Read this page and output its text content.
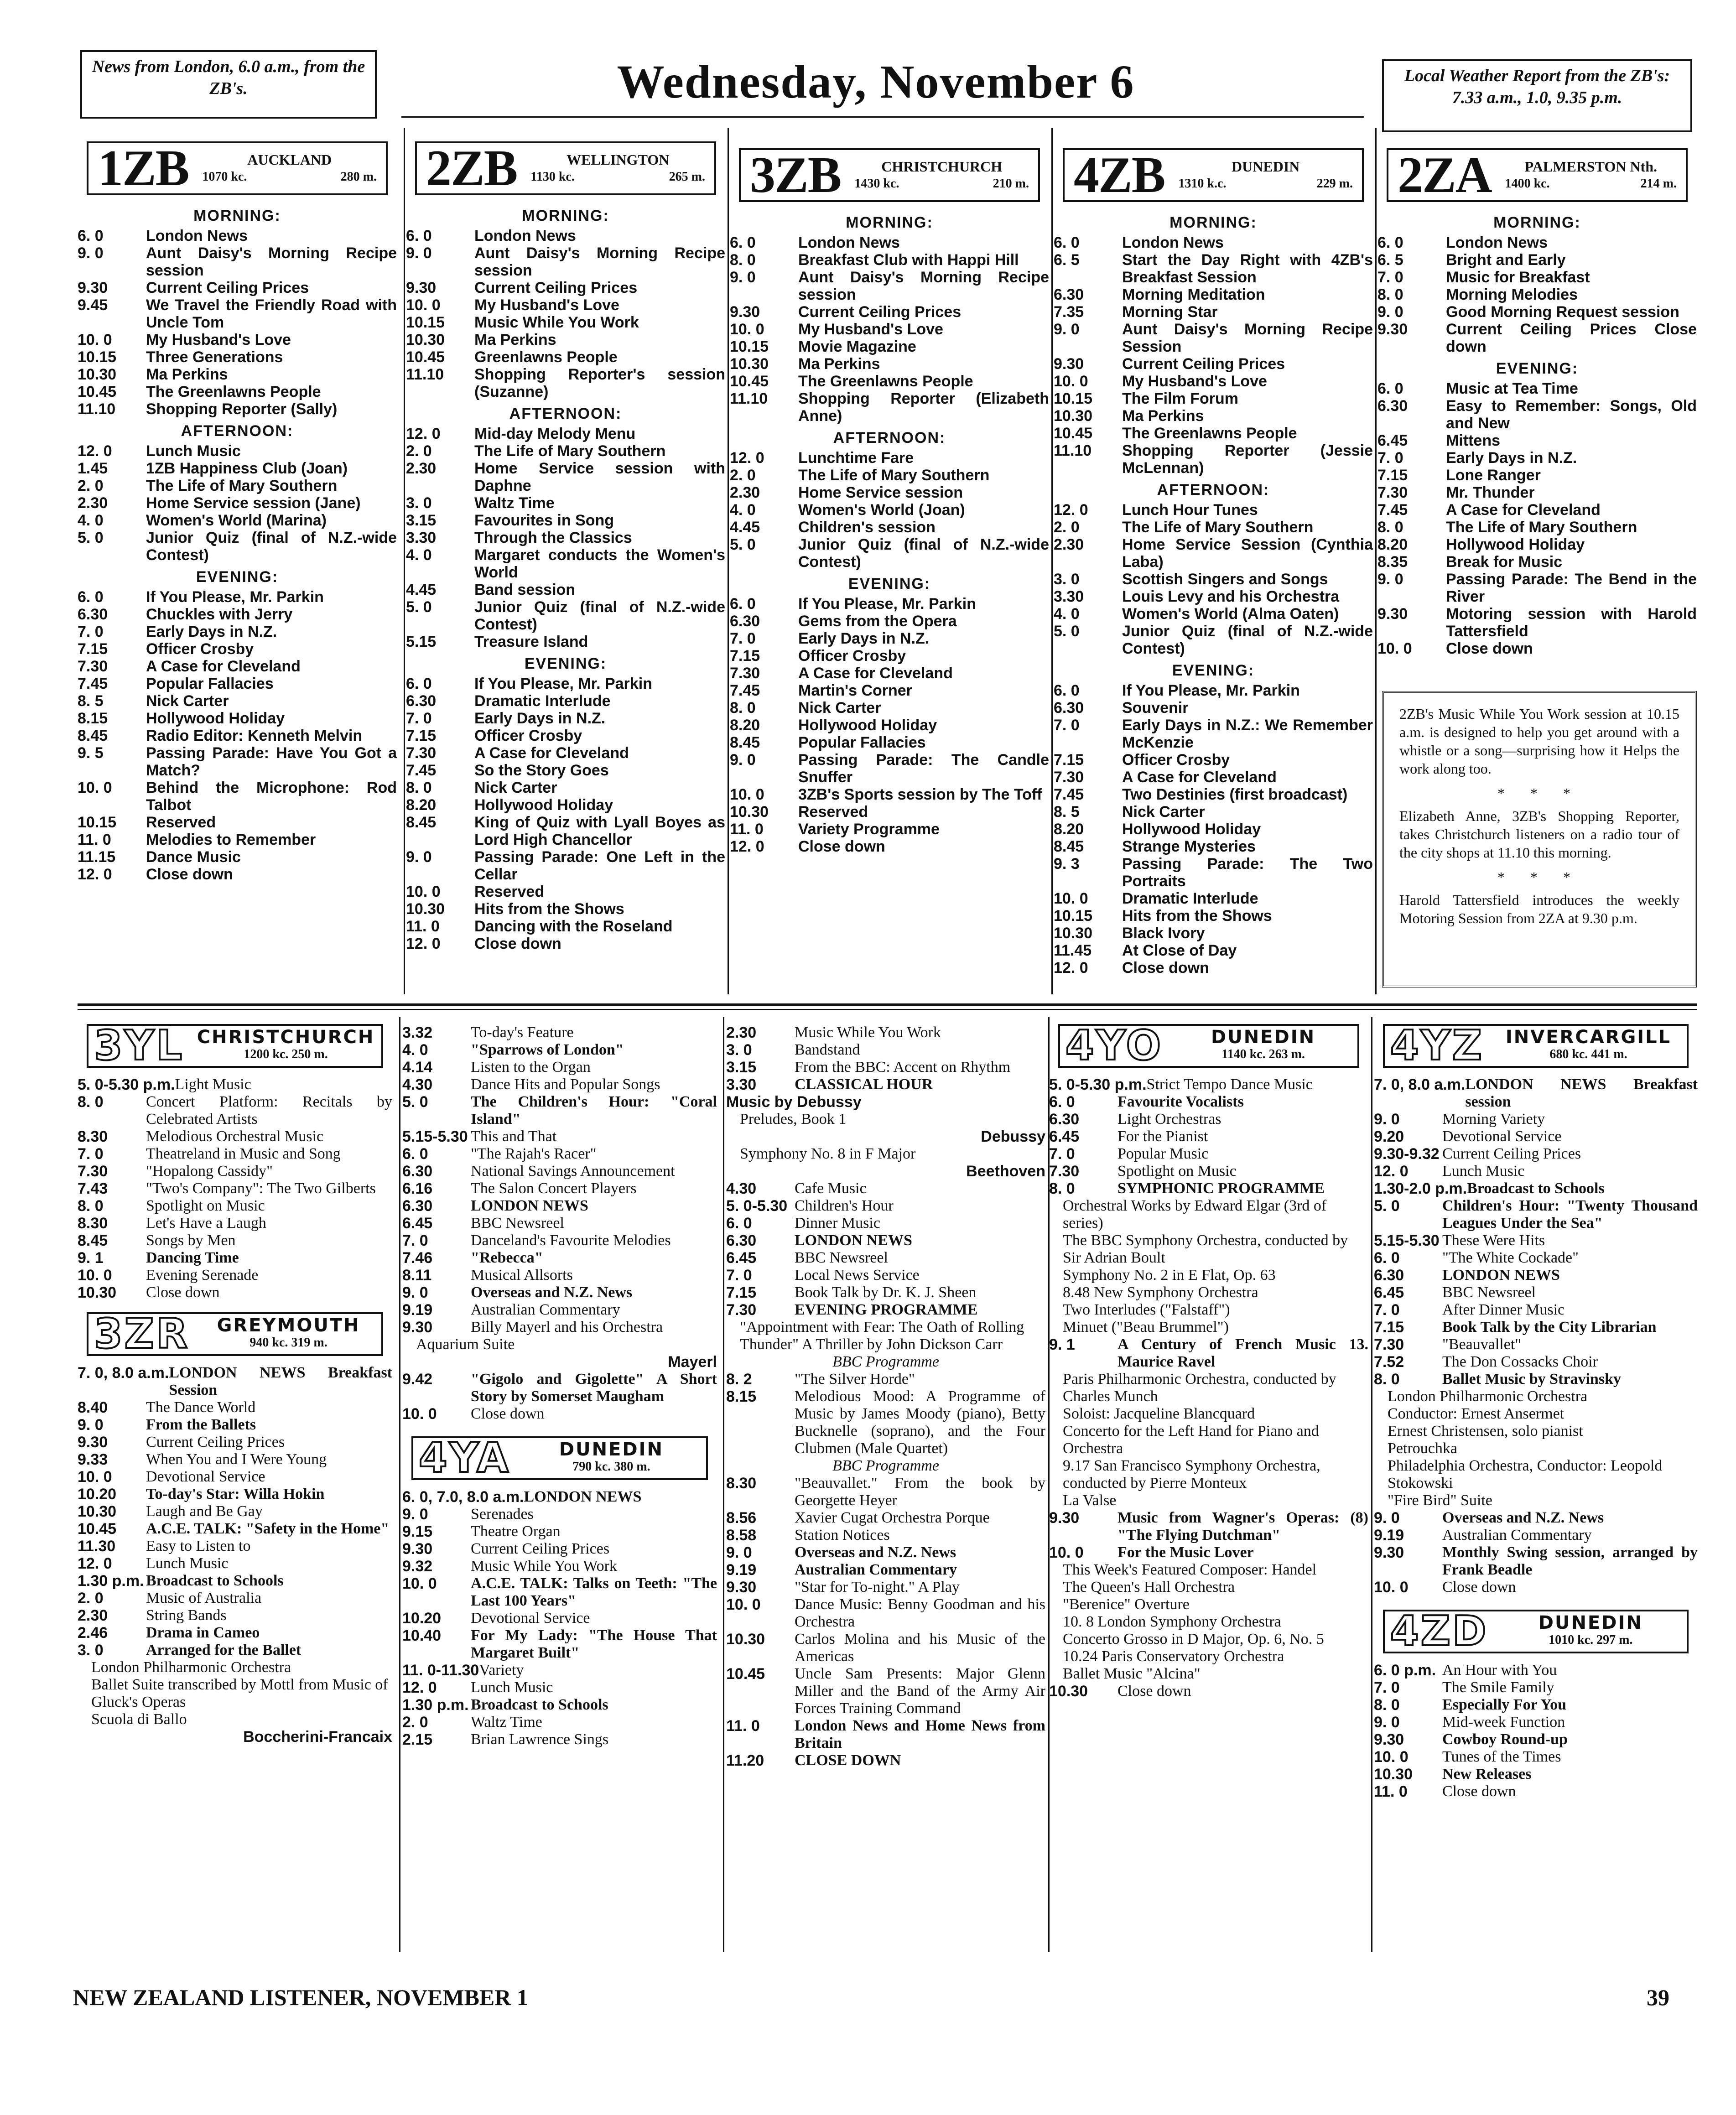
News from London, 6.0 a.m., from the ZB's.	Wednesday, November 6	Local Weather Report from the ZB's: 7.33 a.m., 1.0, 9.35 p.m.
1ZB	AUCKLAND
1070 kc.	280 m.
MORNING:
6. 0	London News
9. 0	Aunt Daisy's Morning Recipe session
9.30	Current Ceiling Prices
9.45	We Travel the Friendly Road with Uncle Tom
10. 0	My Husband's Love
10.15	Three Generations
10.30	Ma Perkins
10.45	The Greenlawns People
11.10	Shopping Reporter (Sally)
AFTERNOON:
12. 0	Lunch Music
1.45	1ZB Happiness Club (Joan)
2. 0	The Life of Mary Southern
2.30	Home Service session (Jane)
4. 0	Women's World (Marina)
5. 0	Junior Quiz (final of N.Z.-wide Contest)
EVENING:
6. 0	If You Please, Mr. Parkin
6.30	Chuckles with Jerry
7. 0	Early Days in N.Z.
7.15	Officer Crosby
7.30	A Case for Cleveland
7.45	Popular Fallacies
8. 5	Nick Carter
8.15	Hollywood Holiday
8.45	Radio Editor: Kenneth Melvin
9. 5	Passing Parade: Have You Got a Match?
10. 0	Behind the Microphone: Rod Talbot
10.15	Reserved
11. 0	Melodies to Remember
11.15	Dance Music
12. 0	Close down
2ZB	WELLINGTON
1130 kc.	265 m.
MORNING:
6. 0	London News
9. 0	Aunt Daisy's Morning Recipe session
9.30	Current Ceiling Prices
10. 0	My Husband's Love
10.15	Music While You Work
10.30	Ma Perkins
10.45	Greenlawns People
11.10	Shopping Reporter's session (Suzanne)
AFTERNOON:
12. 0	Mid-day Melody Menu
2. 0	The Life of Mary Southern
2.30	Home Service session with Daphne
3. 0	Waltz Time
3.15	Favourites in Song
3.30	Through the Classics
4. 0	Margaret conducts the Women's World
4.45	Band session
5. 0	Junior Quiz (final of N.Z.-wide Contest)
5.15	Treasure Island
EVENING:
6. 0	If You Please, Mr. Parkin
6.30	Dramatic Interlude
7. 0	Early Days in N.Z.
7.15	Officer Crosby
7.30	A Case for Cleveland
7.45	So the Story Goes
8. 0	Nick Carter
8.20	Hollywood Holiday
8.45	King of Quiz with Lyall Boyes as Lord High Chancellor
9. 0	Passing Parade: One Left in the Cellar
10. 0	Reserved
10.30	Hits from the Shows
11. 0	Dancing with the Roseland
12. 0	Close down
3ZB	CHRISTCHURCH
1430 kc.	210 m.
MORNING:
6. 0	London News
8. 0	Breakfast Club with Happi Hill
9. 0	Aunt Daisy's Morning Recipe session
9.30	Current Ceiling Prices
10. 0	My Husband's Love
10.15	Movie Magazine
10.30	Ma Perkins
10.45	The Greenlawns People
11.10	Shopping Reporter (Elizabeth Anne)
AFTERNOON:
12. 0	Lunchtime Fare
2. 0	The Life of Mary Southern
2.30	Home Service session
4. 0	Women's World (Joan)
4.45	Children's session
5. 0	Junior Quiz (final of N.Z.-wide Contest)
EVENING:
6. 0	If You Please, Mr. Parkin
6.30	Gems from the Opera
7. 0	Early Days in N.Z.
7.15	Officer Crosby
7.30	A Case for Cleveland
7.45	Martin's Corner
8. 0	Nick Carter
8.20	Hollywood Holiday
8.45	Popular Fallacies
9. 0	Passing Parade: The Candle Snuffer
10. 0	3ZB's Sports session by The Toff
10.30	Reserved
11. 0	Variety Programme
12. 0	Close down
4ZB	DUNEDIN
1310 k.c.	229 m.
MORNING:
6. 0	London News
6. 5	Start the Day Right with 4ZB's Breakfast Session
6.30	Morning Meditation
7.35	Morning Star
9. 0	Aunt Daisy's Morning Recipe Session
9.30	Current Ceiling Prices
10. 0	My Husband's Love
10.15	The Film Forum
10.30	Ma Perkins
10.45	The Greenlawns People
11.10	Shopping Reporter (Jessie McLennan)
AFTERNOON:
12. 0	Lunch Hour Tunes
2. 0	The Life of Mary Southern
2.30	Home Service Session (Cynthia Laba)
3. 0	Scottish Singers and Songs
3.30	Louis Levy and his Orchestra
4. 0	Women's World (Alma Oaten)
5. 0	Junior Quiz (final of N.Z.-wide Contest)
EVENING:
6. 0	If You Please, Mr. Parkin
6.30	Souvenir
7. 0	Early Days in N.Z.: We Remember McKenzie
7.15	Officer Crosby
7.30	A Case for Cleveland
7.45	Two Destinies (first broadcast)
8. 5	Nick Carter
8.20	Hollywood Holiday
8.45	Strange Mysteries
9. 3	Passing Parade: The Two Portraits
10. 0	Dramatic Interlude
10.15	Hits from the Shows
10.30	Black Ivory
11.45	At Close of Day
12. 0	Close down
2ZA	PALMERSTON Nth.
1400 kc.	214 m.
MORNING:
6. 0	London News
6. 5	Bright and Early
7. 0	Music for Breakfast
8. 0	Morning Melodies
9. 0	Good Morning Request session
9.30	Current Ceiling Prices Close down
EVENING:
6. 0	Music at Tea Time
6.30	Easy to Remember: Songs, Old and New
6.45	Mittens
7. 0	Early Days in N.Z.
7.15	Lone Ranger
7.30	Mr. Thunder
7.45	A Case for Cleveland
8. 0	The Life of Mary Southern
8.20	Hollywood Holiday
8.35	Break for Music
9. 0	Passing Parade: The Bend in the River
9.30	Motoring session with Harold Tattersfield
10. 0	Close down

2ZB's Music While You Work session at 10.15 a.m. is designed to help you get around with a whistle or a song—surprising how it Helps the work along too.

* * *

Elizabeth Anne, 3ZB's Shopping Reporter, takes Christchurch listeners on a radio tour of the city shops at 11.10 this morning.

* * *

Harold Tattersfield introduces the weekly Motoring Session from 2ZA at 9.30 p.m.

3YL CHRISTCHURCH
1200 kc. 250 m.
5. 0-5.30 p.m. Light Music
8. 0	Concert Platform: Recitals by Celebrated Artists
8.30	Melodious Orchestral Music
7. 0	Theatreland in Music and Song
7.30	"Hopalong Cassidy"
7.43	"Two's Company": The Two Gilberts
8. 0	Spotlight on Music
8.30	Let's Have a Laugh
8.45	Songs by Men
9. 1	Dancing Time
10. 0	Evening Serenade
10.30	Close down
3ZR	GREYMOUTH
940 kc. 319 m.
7. 0, 8.0 a.m. LONDON NEWS Breakfast Session
8.40	The Dance World
9. 0	From the Ballets
9.30	Current Ceiling Prices
9.33	When You and I Were Young
10. 0	Devotional Service
10.20	To-day's Star: Willa Hokin
10.30	Laugh and Be Gay
10.45	A.C.E. TALK: "Safety in the Home"
11.30	Easy to Listen to
12. 0	Lunch Music
1.30 p.m. Broadcast to Schools
2. 0	Music of Australia
2.30	String Bands
2.46	Drama in Cameo
3. 0	Arranged for the Ballet
London Philharmonic Orchestra
Ballet Suite transcribed by Mottl from Music of Gluck's Operas
Scuola di Ballo
Boccherini-Francaix
3.32	To-day's Feature
4. 0	"Sparrows of London"
4.14	Listen to the Organ
4.30	Dance Hits and Popular Songs
5. 0	The Children's Hour: "Coral Island"
5.15-5.30 This and That
6. 0	"The Rajah's Racer"
6.30	National Savings Announcement
6.16	The Salon Concert Players
6.30	LONDON NEWS
6.45	BBC Newsreel
7. 0	Danceland's Favourite Melodies
7.46	"Rebecca"
8.11	Musical Allsorts
9. 0	Overseas and N.Z. News
9.19	Australian Commentary
9.30	Billy Mayerl and his Orchestra
Aquarium Suite
Mayerl
9.42	"Gigolo and Gigolette" A Short Story by Somerset Maugham
10. 0	Close down
4YA	DUNEDIN
790 kc. 380 m.
6. 0, 7.0, 8.0 a.m. LONDON NEWS
9. 0	Serenades
9.15	Theatre Organ
9.30	Current Ceiling Prices
9.32	Music While You Work
10. 0	A.C.E. TALK: Talks on Teeth: "The Last 100 Years"
10.20	Devotional Service
10.40	For My Lady: "The House That Margaret Built"
11. 0-11.30 Variety
12. 0	Lunch Music
1.30 p.m. Broadcast to Schools
2. 0	Waltz Time
2.15	Brian Lawrence Sings
2.30	Music While You Work
3. 0	Bandstand
3.15	From the BBC: Accent on Rhythm
3.30	CLASSICAL HOUR
Music by Debussy
Preludes, Book 1
Debussy
Symphony No. 8 in F Major
Beethoven
4.30	Cafe Music
5. 0-5.30 Children's Hour
6. 0	Dinner Music
6.30	LONDON NEWS
6.45	BBC Newsreel
7. 0	Local News Service
7.15	Book Talk by Dr. K. J. Sheen
7.30	EVENING PROGRAMME
"Appointment with Fear: The Oath of Rolling Thunder" A Thriller by John Dickson Carr
BBC Programme
8. 2	"The Silver Horde"
8.15	Melodious Mood: A Programme of Music by James Moody (piano), Betty Bucknelle (soprano), and the Four Clubmen (Male Quartet)
BBC Programme
8.30	"Beauvallet." From the book by Georgette Heyer
8.56	Xavier Cugat Orchestra Porque
8.58	Station Notices
9. 0	Overseas and N.Z. News
9.19	Australian Commentary
9.30	"Star for To-night." A Play
10. 0	Dance Music: Benny Goodman and his Orchestra
10.30	Carlos Molina and his Music of the Americas
10.45	Uncle Sam Presents: Major Glenn Miller and the Band of the Army Air Forces Training Command
11. 0	London News and Home News from Britain
11.20	CLOSE DOWN
4YO	DUNEDIN
1140 kc. 263 m.
5. 0-5.30 p.m. Strict Tempo Dance Music
6. 0	Favourite Vocalists
6.30	Light Orchestras
6.45	For the Pianist
7. 0	Popular Music
7.30	Spotlight on Music
8. 0	SYMPHONIC PROGRAMME
Orchestral Works by Edward Elgar (3rd of series)
The BBC Symphony Orchestra, conducted by Sir Adrian Boult
Symphony No. 2 in E Flat, Op. 63
8.48 New Symphony Orchestra
Two Interludes ("Falstaff")
Minuet ("Beau Brummel")
9. 1	A Century of French Music 13. Maurice Ravel
Paris Philharmonic Orchestra, conducted by Charles Munch
Soloist: Jacqueline Blancquard
Concerto for the Left Hand for Piano and Orchestra
9.17 San Francisco Symphony Orchestra, conducted by Pierre Monteux
La Valse
9.30	Music from Wagner's Operas: (8) "The Flying Dutchman"
10. 0	For the Music Lover
This Week's Featured Composer: Handel
The Queen's Hall Orchestra
"Berenice" Overture
10. 8 London Symphony Orchestra
Concerto Grosso in D Major, Op. 6, No. 5
10.24 Paris Conservatory Orchestra
Ballet Music "Alcina"
10.30	Close down
4YZ	INVERCARGILL
680 kc. 441 m.
7. 0, 8.0 a.m. LONDON NEWS Breakfast session
9. 0	Morning Variety
9.20	Devotional Service
9.30-9.32 Current Ceiling Prices
12. 0	Lunch Music
1.30-2.0 p.m. Broadcast to Schools
5. 0	Children's Hour: "Twenty Thousand Leagues Under the Sea"
5.15-5.30 These Were Hits
6. 0	"The White Cockade"
6.30	LONDON NEWS
6.45	BBC Newsreel
7. 0	After Dinner Music
7.15	Book Talk by the City Librarian
7.30	"Beauvallet"
7.52	The Don Cossacks Choir
8. 0	Ballet Music by Stravinsky
London Philharmonic Orchestra
Conductor: Ernest Ansermet
Ernest Christensen, solo pianist
Petrouchka
Philadelphia Orchestra, Conductor: Leopold Stokowski
"Fire Bird" Suite
9. 0	Overseas and N.Z. News
9.19	Australian Commentary
9.30	Monthly Swing session, arranged by Frank Beadle
10. 0	Close down
4ZD	DUNEDIN
1010 kc. 297 m.
6. 0 p.m. An Hour with You
7. 0	The Smile Family
8. 0	Especially For You
9. 0	Mid-week Function
9.30	Cowboy Round-up
10. 0	Tunes of the Times
10.30	New Releases
11. 0	Close down
NEW ZEALAND LISTENER, NOVEMBER 1	39
